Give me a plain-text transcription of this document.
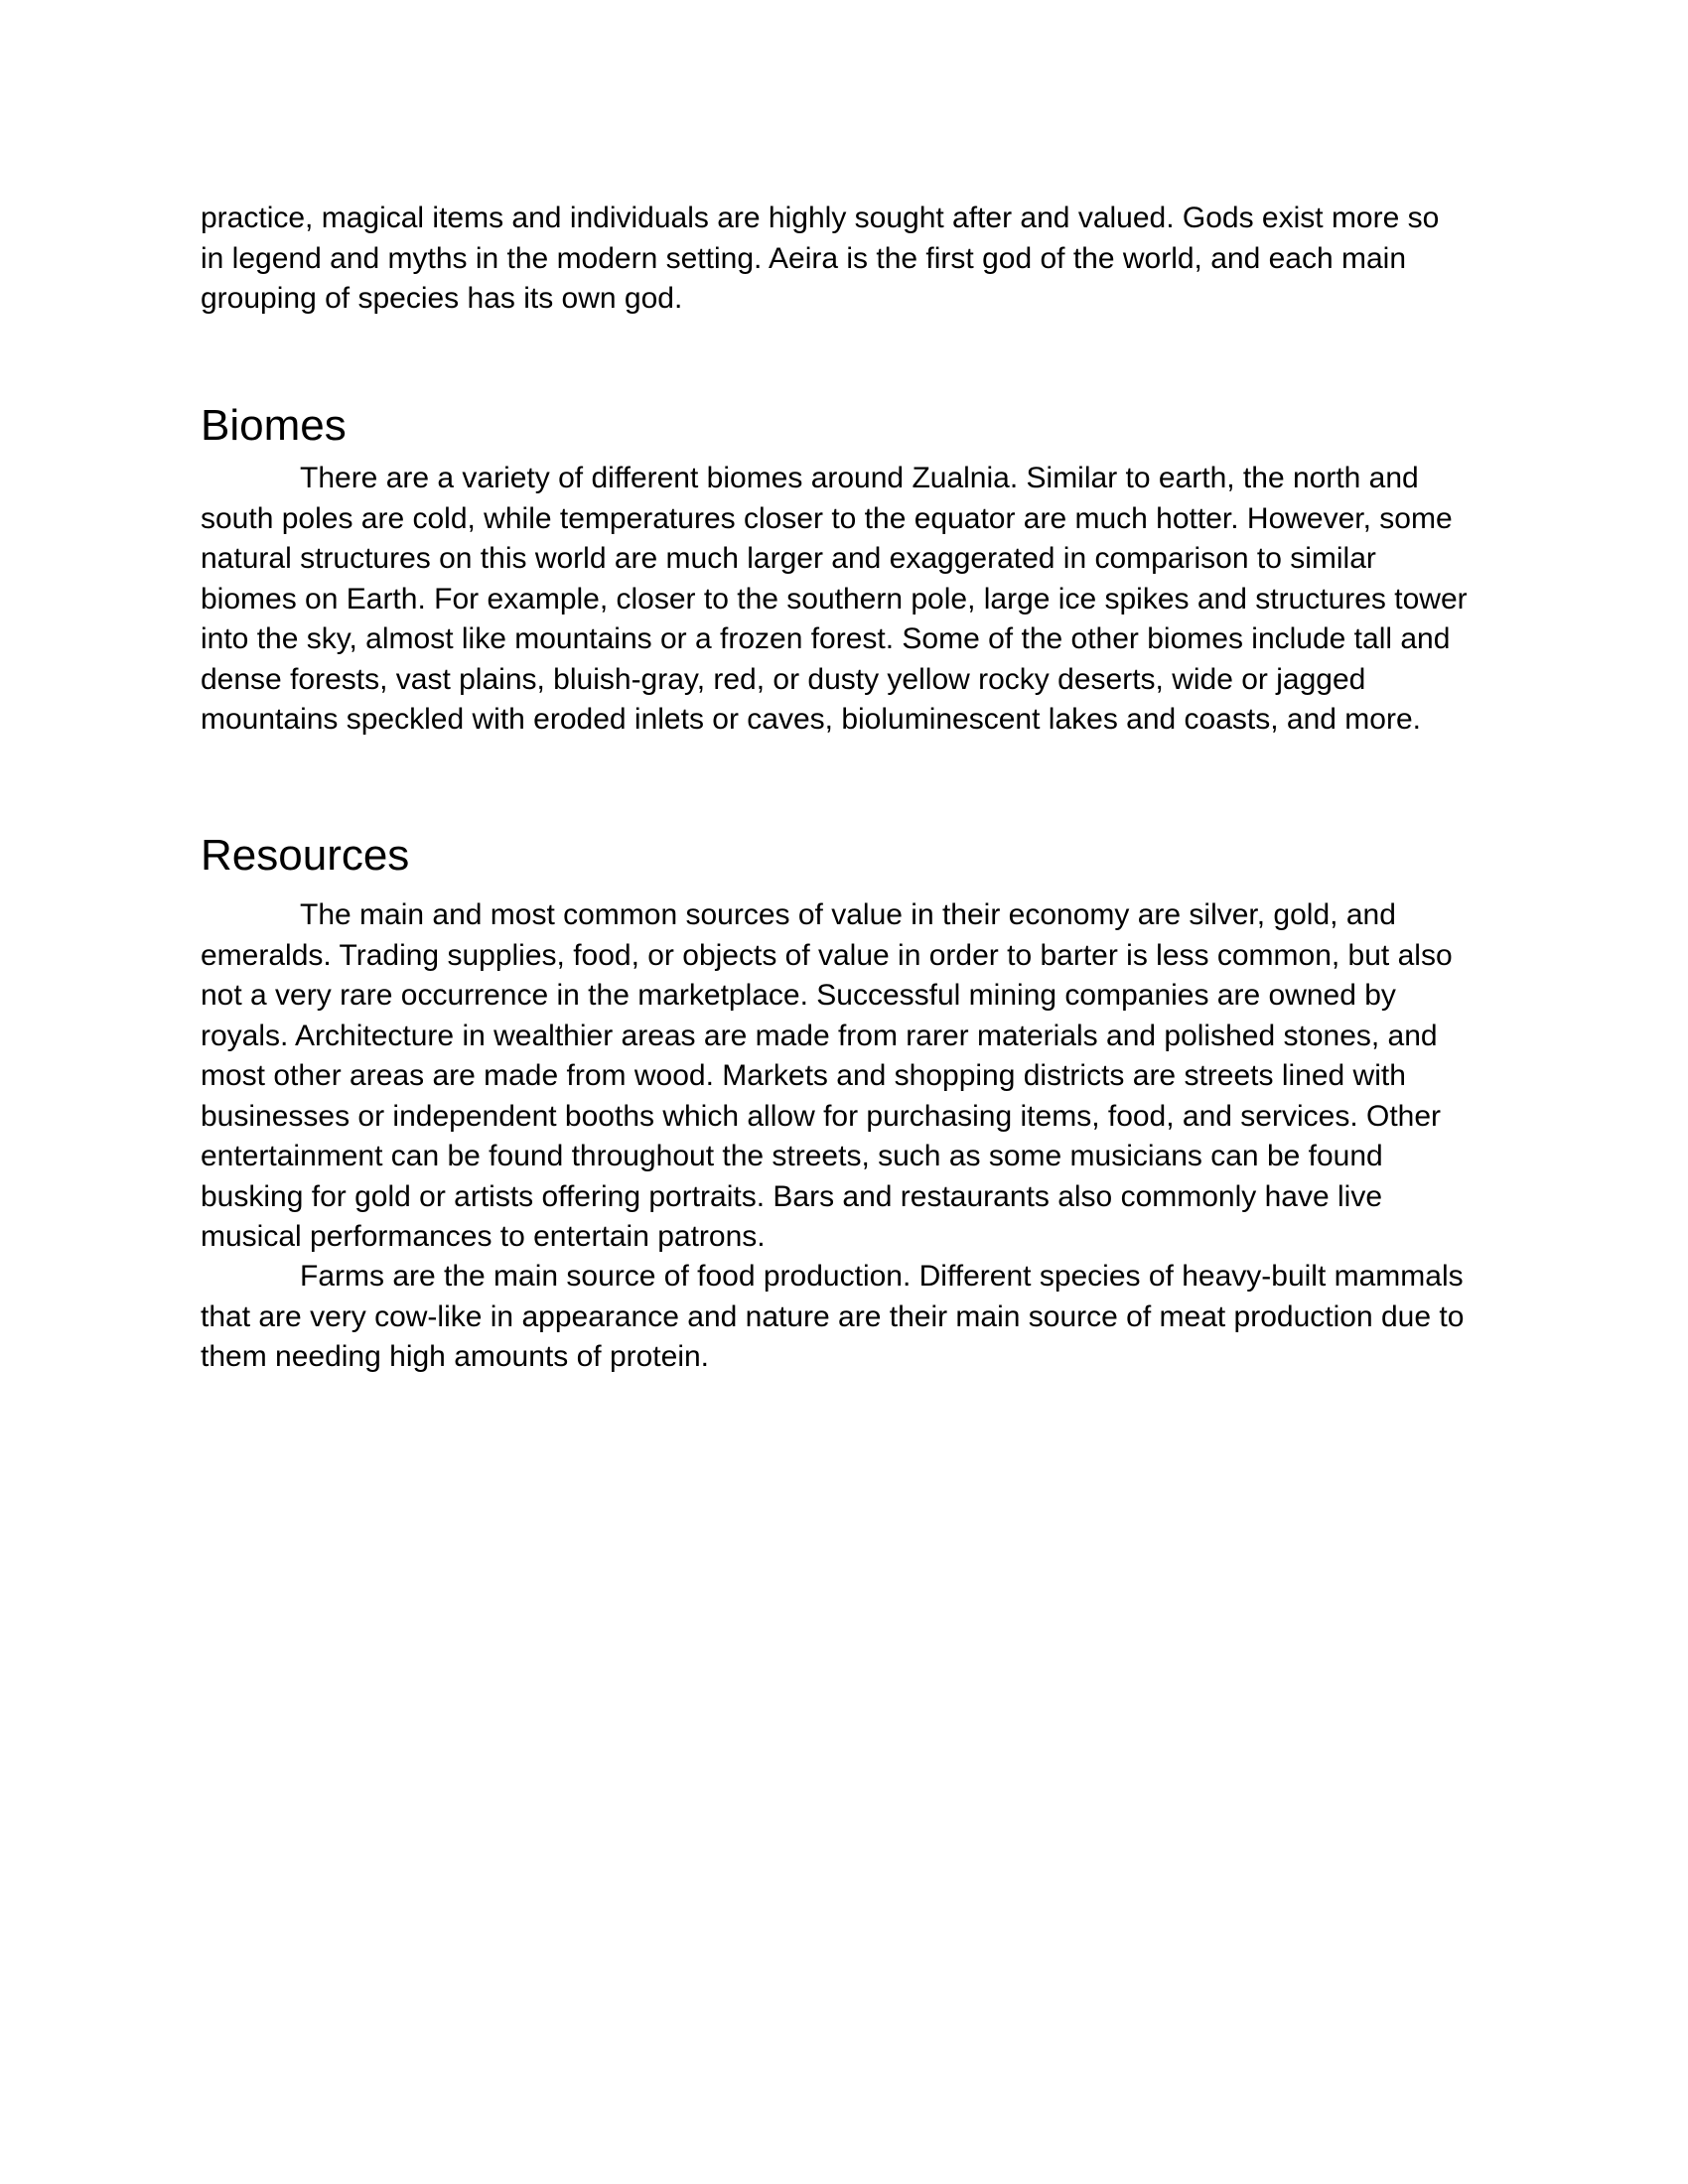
practice, magical items and individuals are highly sought after and valued. Gods exist more so
in legend and myths in the modern setting. Aeira is the first god of the world, and each main
grouping of species has its own god.
Biomes
There are a variety of different biomes around Zualnia. Similar to earth, the north and
south poles are cold, while temperatures closer to the equator are much hotter. However, some
natural structures on this world are much larger and exaggerated in comparison to similar
biomes on Earth. For example, closer to the southern pole, large ice spikes and structures tower
into the sky, almost like mountains or a frozen forest. Some of the other biomes include tall and
dense forests, vast plains, bluish-gray, red, or dusty yellow rocky deserts, wide or jagged
mountains speckled with eroded inlets or caves, bioluminescent lakes and coasts, and more.
Resources
The main and most common sources of value in their economy are silver, gold, and
emeralds. Trading supplies, food, or objects of value in order to barter is less common, but also
not a very rare occurrence in the marketplace. Successful mining companies are owned by
royals. Architecture in wealthier areas are made from rarer materials and polished stones, and
most other areas are made from wood. Markets and shopping districts are streets lined with
businesses or independent booths which allow for purchasing items, food, and services. Other
entertainment can be found throughout the streets, such as some musicians can be found
busking for gold or artists offering portraits. Bars and restaurants also commonly have live
musical performances to entertain patrons.
Farms are the main source of food production. Different species of heavy-built mammals
that are very cow-like in appearance and nature are their main source of meat production due to
them needing high amounts of protein.
